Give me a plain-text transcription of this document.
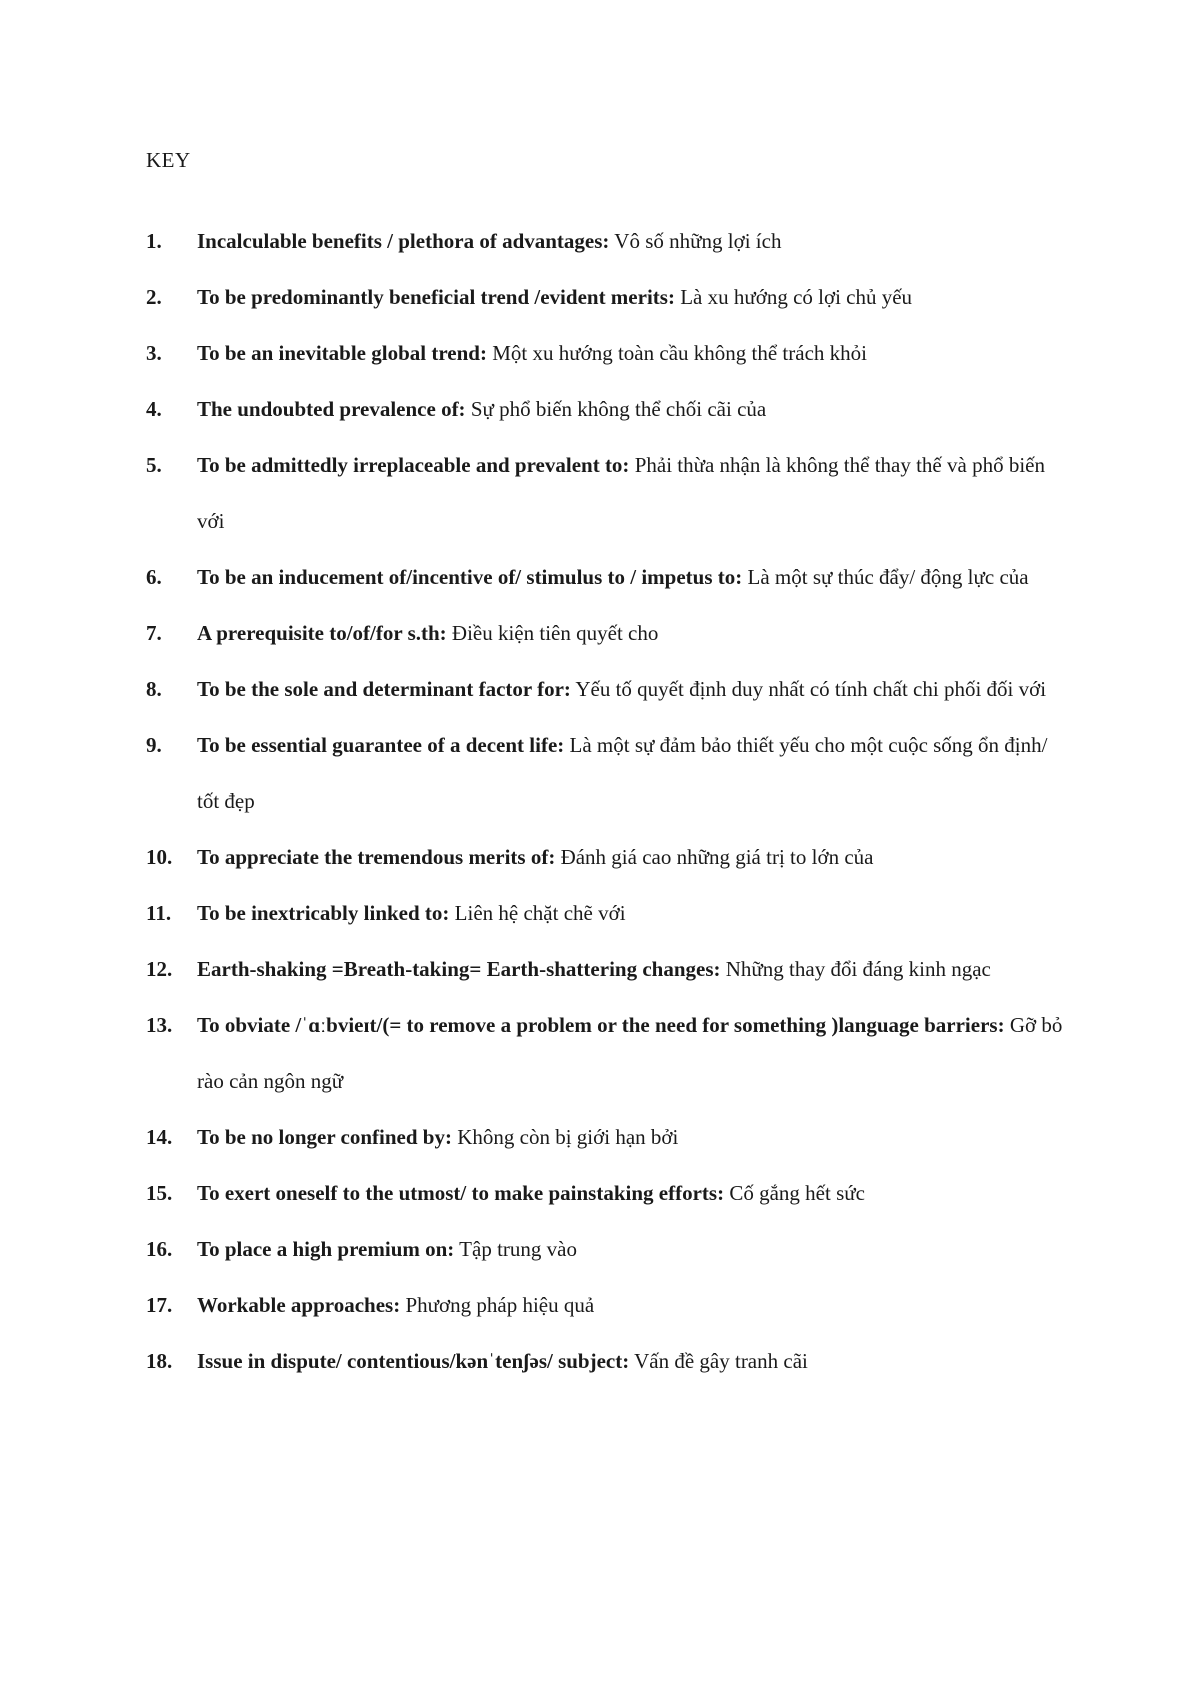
KEY
1.	Incalculable benefits / plethora of advantages: Vô số những lợi ích
2.	To be predominantly beneficial trend /evident merits: Là xu hướng có lợi chủ yếu
3.	To be an inevitable global trend: Một xu hướng toàn cầu không thể trách khỏi
4.	The undoubted prevalence of: Sự phổ biến không thể chối cãi của
5.	To be admittedly irreplaceable and prevalent to: Phải thừa nhận là không thể thay thế và phổ biến với
6.	To be an inducement of/incentive of/ stimulus to / impetus to: Là một sự thúc đẩy/ động lực của
7.	A prerequisite to/of/for s.th: Điều kiện tiên quyết cho
8.	To be the sole and determinant factor for: Yếu tố quyết định duy nhất có tính chất chi phối đối với
9.	To be essential guarantee of a decent life: Là một sự đảm bảo thiết yếu cho một cuộc sống ổn định/ tốt đẹp
10.	To appreciate the tremendous merits of: Đánh giá cao những giá trị to lớn của
11.	To be inextricably linked to: Liên hệ chặt chẽ với
12.	Earth-shaking =Breath-taking= Earth-shattering changes: Những thay đổi đáng kinh ngạc
13.	To obviate /ˈɑːbvieɪt/(= to remove a problem or the need for something )language barriers: Gỡ bỏ rào cản ngôn ngữ
14.	To be no longer confined by: Không còn bị giới hạn bởi
15.	To exert oneself to the utmost/ to make painstaking efforts: Cố gắng hết sức
16.	To place a high premium on: Tập trung vào
17.	Workable approaches: Phương pháp hiệu quả
18.	Issue in dispute/ contentious/kənˈtenʃəs/ subject: Vấn đề gây tranh cãi
